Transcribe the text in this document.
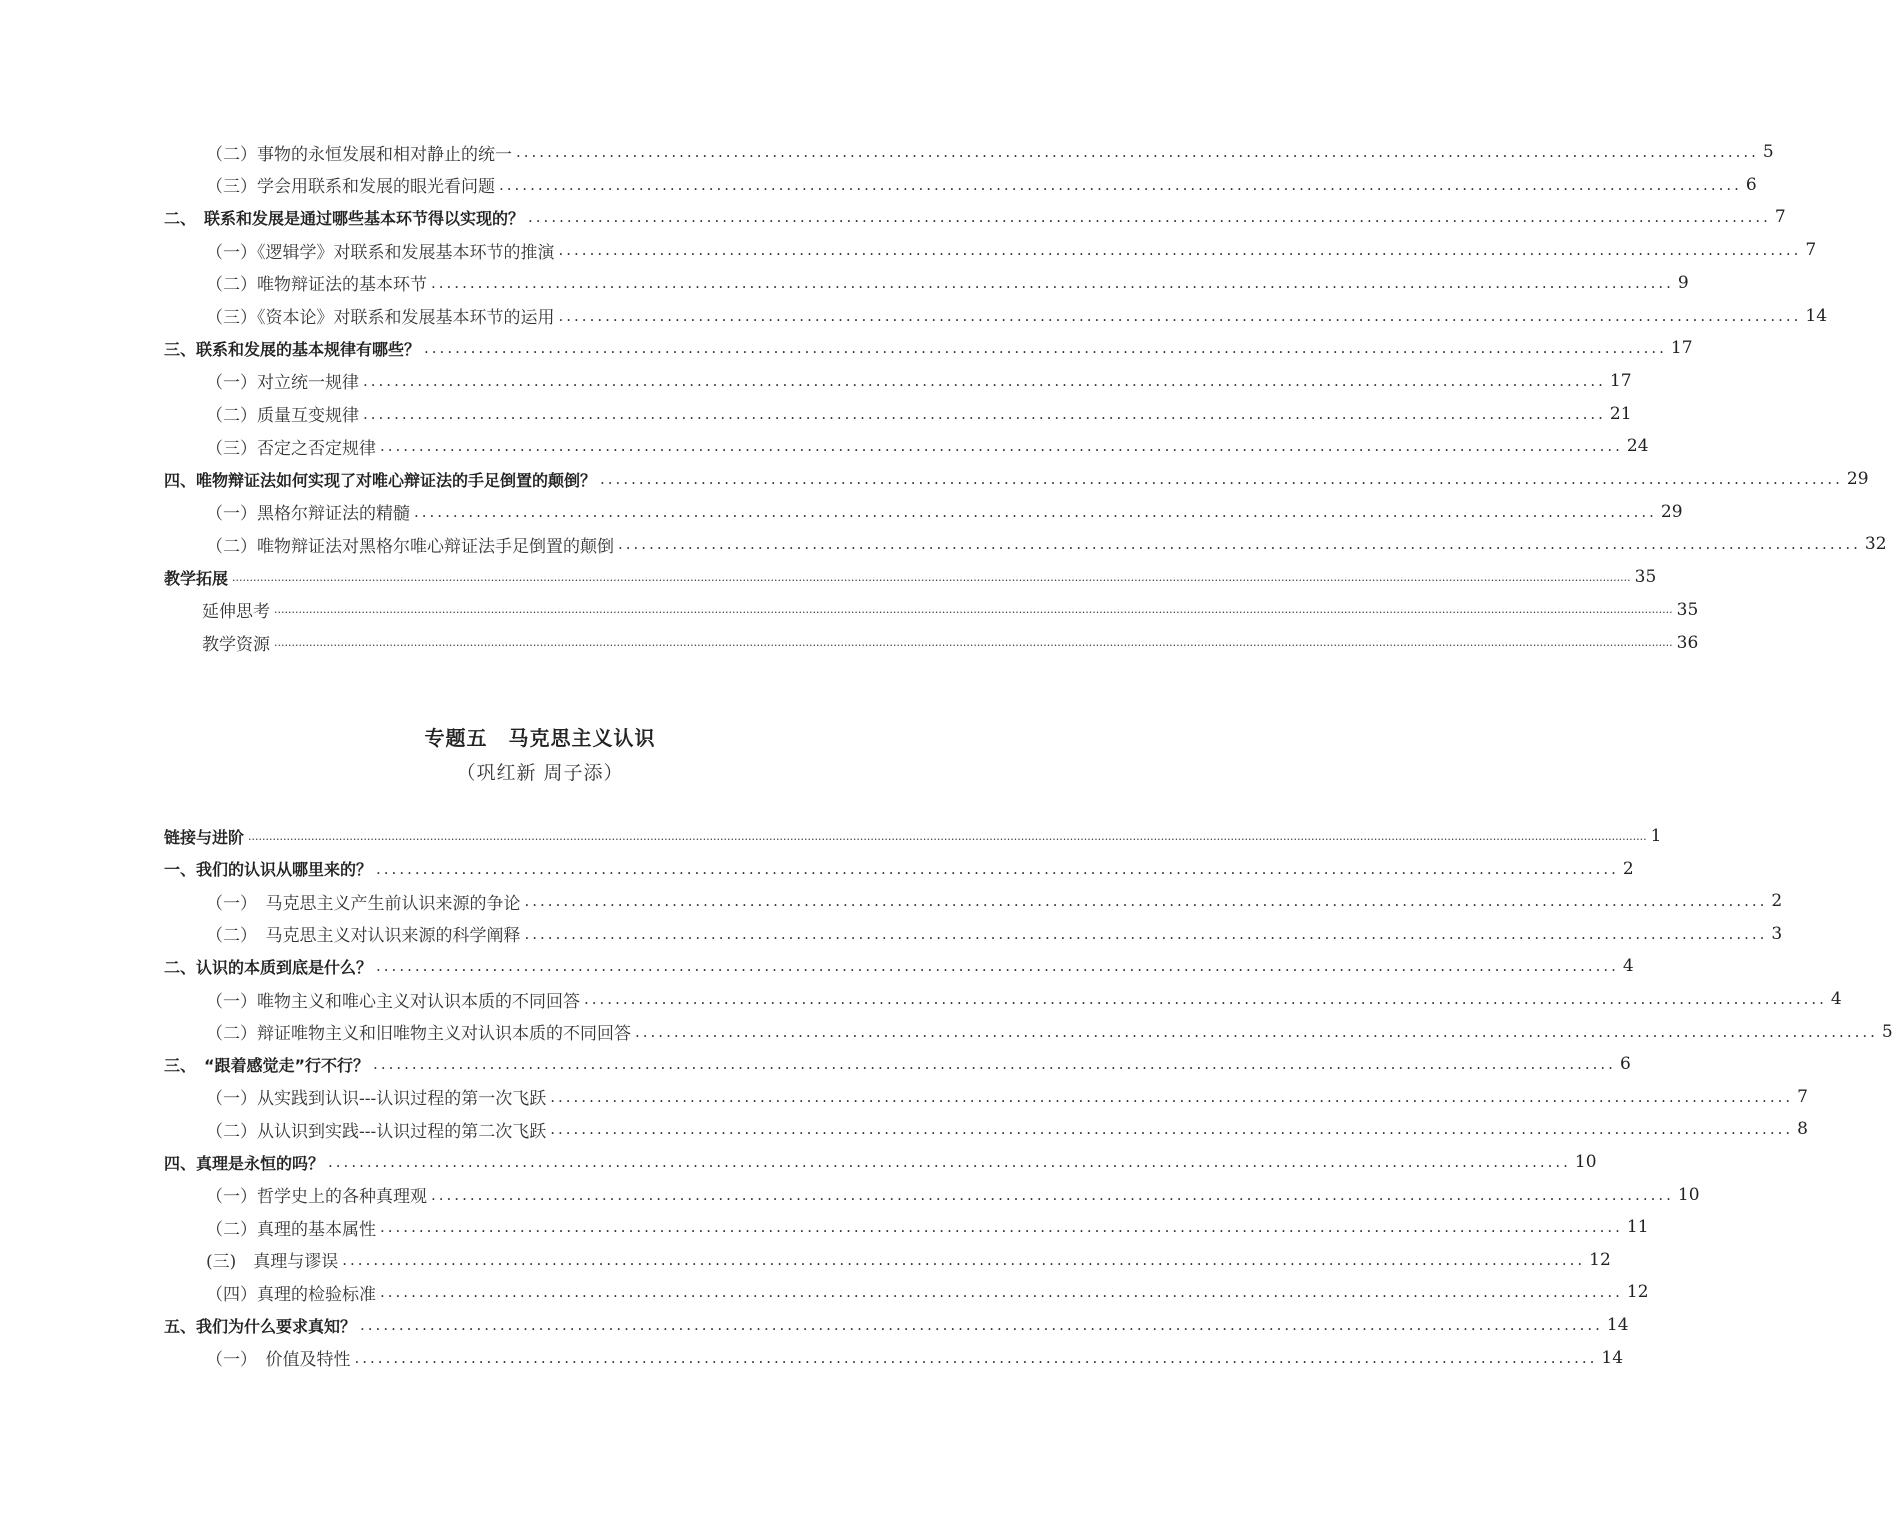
（二）事物的永恒发展和相对静止的统一 ................................................................................................................................................................ 5
（三）学会用联系和发展的眼光看问题 ................................................................................................................................................................ 6
二、　联系和发展是通过哪些基本环节得以实现的？ ................................................................................................................................................................ 7
（一）《逻辑学》对联系和发展基本环节的推演 ................................................................................................................................................................ 7
（二）唯物辩证法的基本环节 ................................................................................................................................................................ 9
（三）《资本论》对联系和发展基本环节的运用 ................................................................................................................................................................ 14
三、联系和发展的基本规律有哪些？ ................................................................................................................................................................ 17
（一）对立统一规律 ................................................................................................................................................................ 17
（二）质量互变规律 ................................................................................................................................................................ 21
（三）否定之否定规律 ................................................................................................................................................................ 24
四、唯物辩证法如何实现了对唯心辩证法的手足倒置的颠倒？ ................................................................................................................................................................ 29
（一）黑格尔辩证法的精髓 ................................................................................................................................................................ 29
（二）唯物辩证法对黑格尔唯心辩证法手足倒置的颠倒 ................................................................................................................................................................ 32
教学拓展 ................................................................................................................................................................................................................................................................................................................................................................................................................ 35
延伸思考 ................................................................................................................................................................................................................................................................................................................................................................................................................ 35
教学资源 ................................................................................................................................................................................................................................................................................................................................................................................................................ 36
链接与进阶 ................................................................................................................................................................................................................................................................................................................................................................................................................ 1
一、我们的认识从哪里来的？ ................................................................................................................................................................ 2
（一）　马克思主义产生前认识来源的争论 ................................................................................................................................................................ 2
（二）　马克思主义对认识来源的科学阐释 ................................................................................................................................................................ 3
二、认识的本质到底是什么？ ................................................................................................................................................................ 4
（一）唯物主义和唯心主义对认识本质的不同回答 ................................................................................................................................................................ 4
（二）辩证唯物主义和旧唯物主义对认识本质的不同回答 ................................................................................................................................................................ 5
三、　“跟着感觉走”行不行？ ................................................................................................................................................................ 6
（一）从实践到认识---认识过程的第一次飞跃 ................................................................................................................................................................ 7
（二）从认识到实践---认识过程的第二次飞跃 ................................................................................................................................................................ 8
四、真理是永恒的吗？ ................................................................................................................................................................ 10
（一）哲学史上的各种真理观 ................................................................................................................................................................ 10
（二）真理的基本属性 ................................................................................................................................................................ 11
(三)　真理与谬误 ................................................................................................................................................................ 12
（四）真理的检验标准 ................................................................................................................................................................ 12
五、我们为什么要求真知？ ................................................................................................................................................................ 14
（一）　价值及特性 ................................................................................................................................................................ 14
专题五　马克思主义认识
（巩红新 周子添）
